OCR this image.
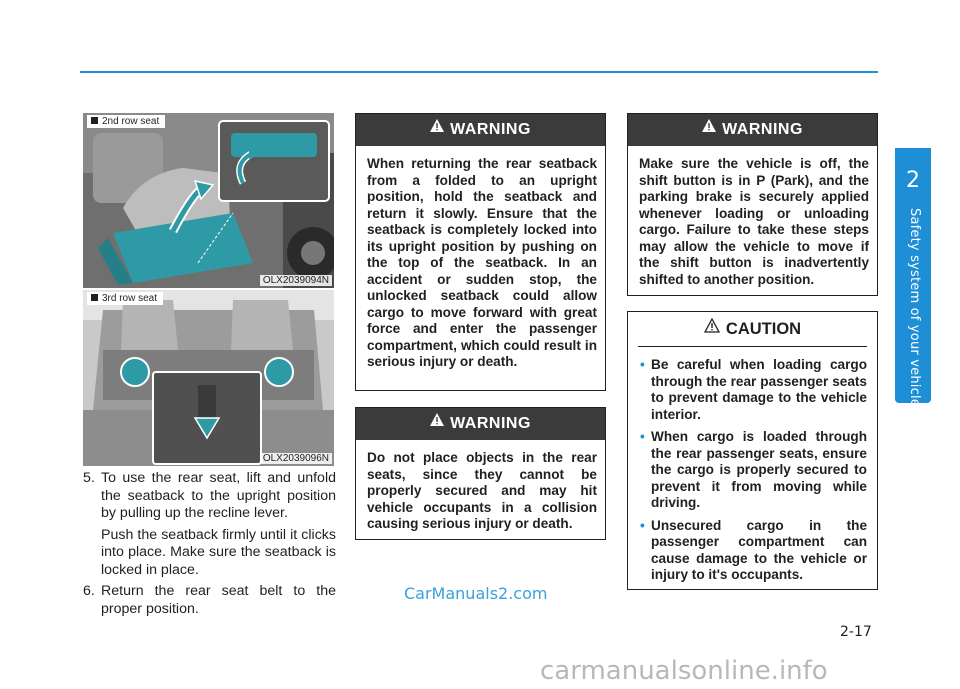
2
Safety system of your vehicle
2nd row seat
OLX2039094N
3rd row seat
OLX2039096N
5. To use the rear seat, lift and unfold the seatback to the upright position by pulling up the recline lever.

Push the seatback firmly until it clicks into place. Make sure the seatback is locked in place.

6. Return the rear seat belt to the proper position.

WARNING
When returning the rear seatback from a folded to an upright position, hold the seatback and return it slowly. Ensure that the seatback is completely locked into its upright position by pushing on the top of the seatback. In an accident or sudden stop, the unlocked seatback could allow cargo to move forward with great force and enter the passenger compartment, which could result in serious injury or death.
WARNING
Do not place objects in the rear seats, since they cannot be properly secured and may hit vehicle occupants in a collision causing serious injury or death.
WARNING
Make sure the vehicle is off, the shift button is in P (Park), and the parking brake is securely applied whenever loading or unloading cargo. Failure to take these steps may allow the vehicle to move if the shift button is inadvertently shifted to another position.
CAUTION
• Be careful when loading cargo through the rear passenger seats to prevent damage to the vehicle interior.
• When cargo is loaded through the rear passenger seats, ensure the cargo is properly secured to prevent it from moving while driving.
• Unsecured cargo in the passenger compartment can cause damage to the vehicle or injury to it's occupants.
2-17
CarManuals2.com
carmanualsonline.info
